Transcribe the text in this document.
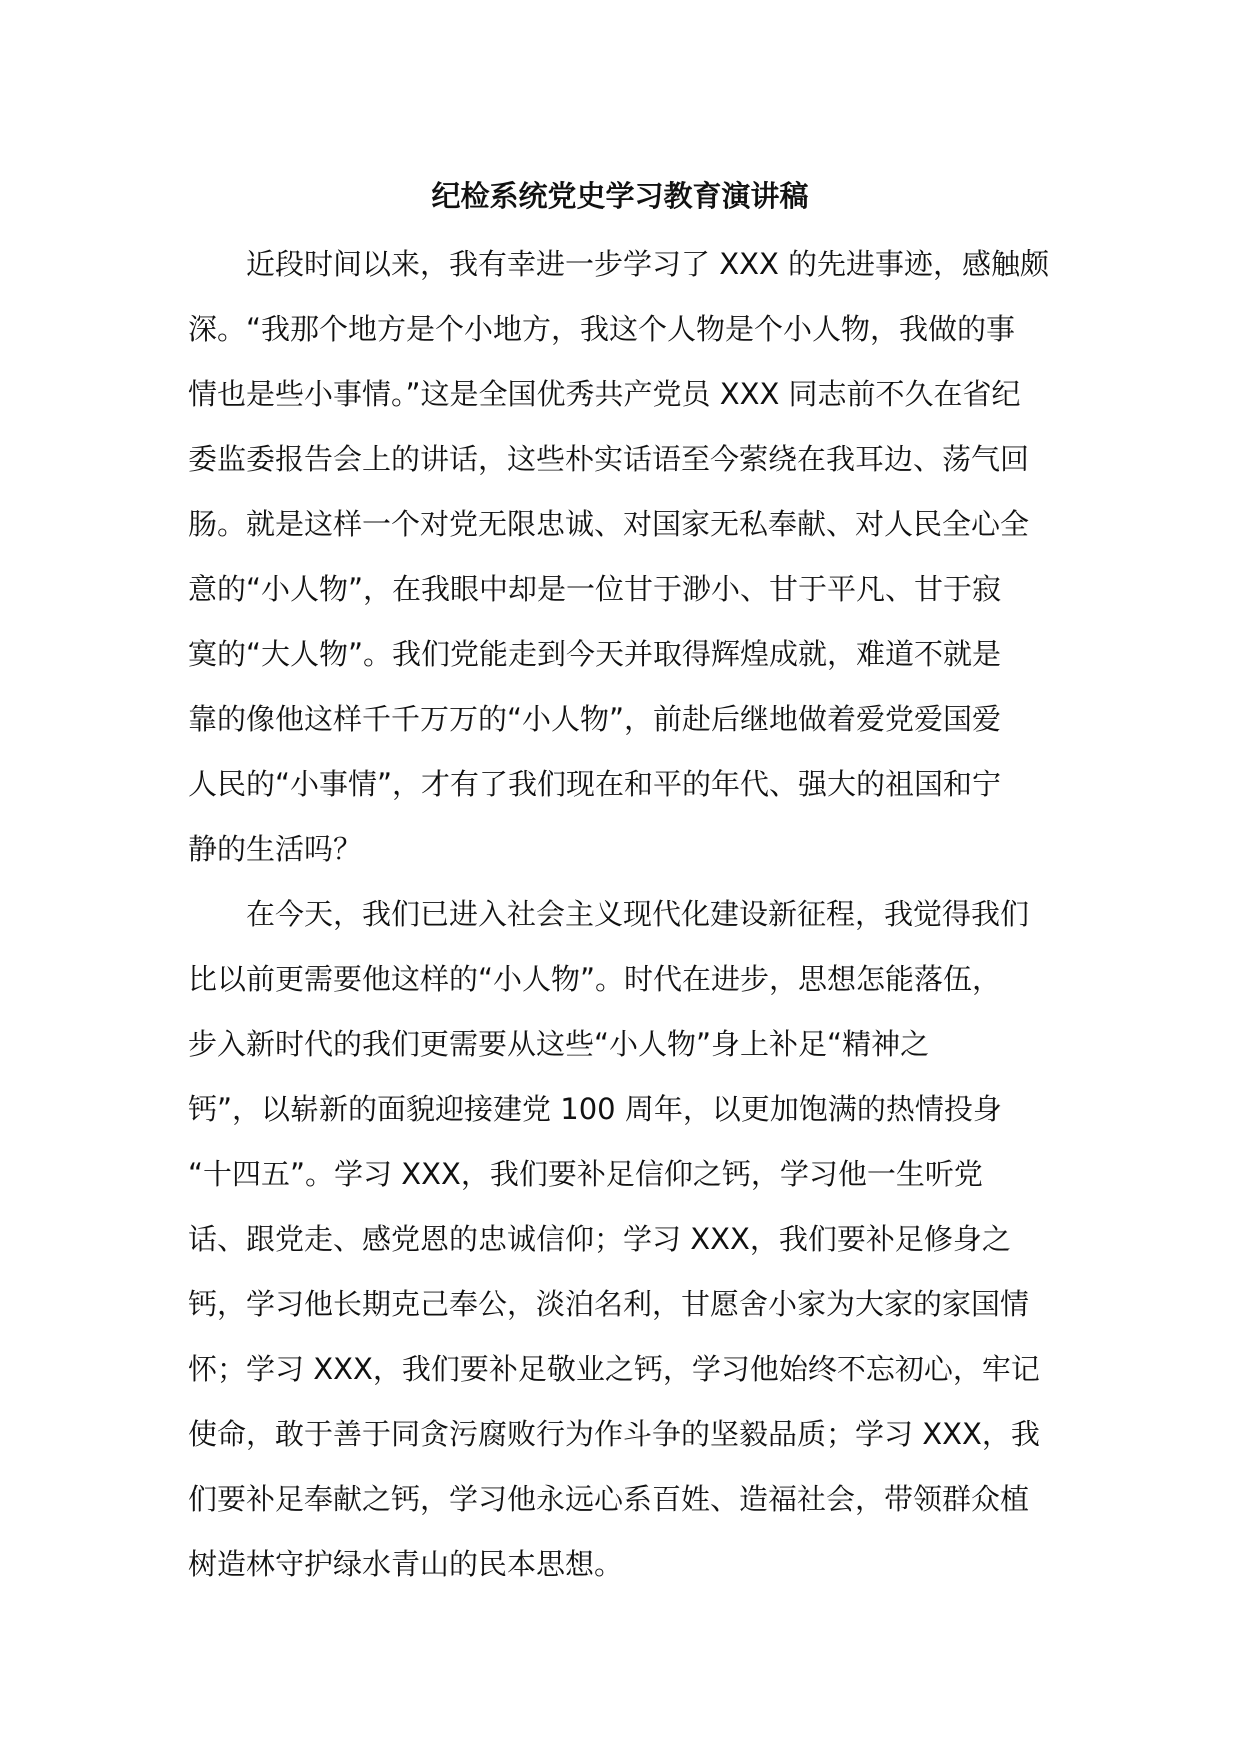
纪检系统党史学习教育演讲稿
近段时间以来，我有幸进一步学习了 XXX 的先进事迹，感触颇
深。“我那个地方是个小地方，我这个人物是个小人物，我做的事
情也是些小事情。”这是全国优秀共产党员 XXX 同志前不久在省纪
委监委报告会上的讲话，这些朴实话语至今萦绕在我耳边、荡气回
肠。就是这样一个对党无限忠诚、对国家无私奉献、对人民全心全
意的“小人物”，在我眼中却是一位甘于渺小、甘于平凡、甘于寂
寞的“大人物”。我们党能走到今天并取得辉煌成就，难道不就是
靠的像他这样千千万万的“小人物”，前赴后继地做着爱党爱国爱
人民的“小事情”，才有了我们现在和平的年代、强大的祖国和宁
静的生活吗？
在今天，我们已进入社会主义现代化建设新征程，我觉得我们
比以前更需要他这样的“小人物”。时代在进步，思想怎能落伍，
步入新时代的我们更需要从这些“小人物”身上补足“精神之
钙”，以崭新的面貌迎接建党 100 周年，以更加饱满的热情投身
“十四五”。学习 XXX，我们要补足信仰之钙，学习他一生听党
话、跟党走、感党恩的忠诚信仰；学习 XXX，我们要补足修身之
钙，学习他长期克己奉公，淡泊名利，甘愿舍小家为大家的家国情
怀；学习 XXX，我们要补足敬业之钙，学习他始终不忘初心，牢记
使命，敢于善于同贪污腐败行为作斗争的坚毅品质；学习 XXX，我
们要补足奉献之钙，学习他永远心系百姓、造福社会，带领群众植
树造林守护绿水青山的民本思想。
